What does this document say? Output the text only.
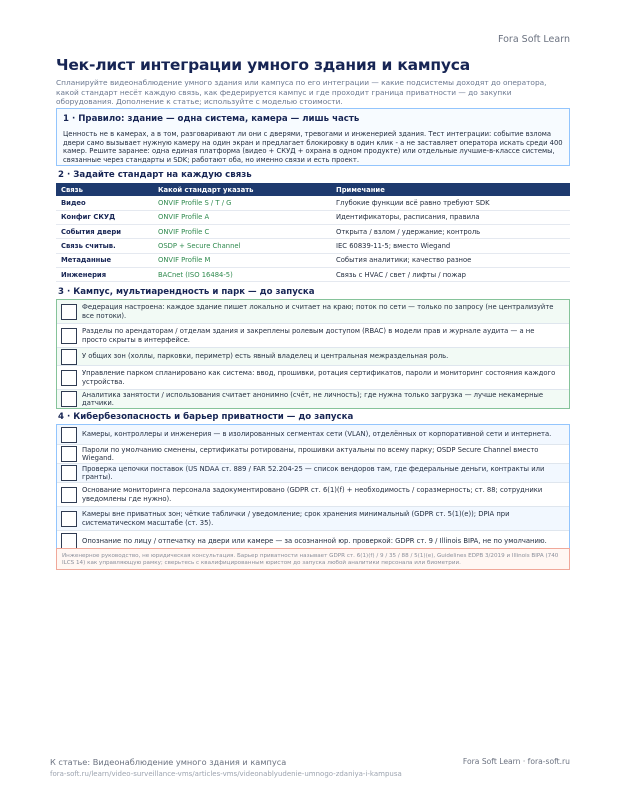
Fora Soft Learn
Чек-лист интеграции умного здания и кампуса
Спланируйте видеонаблюдение умного здания или кампуса по его интеграции — какие подсистемы доходят до оператора, какой стандарт несёт каждую связь, как федерируется кампус и где проходит граница приватности — до закупки оборудования. Дополнение к статье; используйте с моделью стоимости.
1 · Правило: здание — одна система, камера — лишь часть
Ценность не в камерах, а в том, разговаривают ли они с дверями, тревогами и инженерией здания. Тест интеграции: событие взлома двери само вызывает нужную камеру на один экран и предлагает блокировку в один клик - а не заставляет оператора искать среди 400 камер. Решите заранее: одна единая платформа (видео + СКУД + охрана в одном продукте) или отдельные лучшие-в-классе системы, связанные через стандарты и SDK; работают оба, но именно связи и есть проект.
2 · Задайте стандарт на каждую связь
Связь	Какой стандарт указать	Примечание
Видео	ONVIF Profile S / T / G	Глубокие функции всё равно требуют SDK
Конфиг СКУД	ONVIF Profile A	Идентификаторы, расписания, правила
События двери	ONVIF Profile C	Открыта / взлом / удержание; контроль
Связь считыв.	OSDP + Secure Channel	IEC 60839-11-5; вместо Wiegand
Метаданные	ONVIF Profile M	События аналитики; качество разное
Инженерия	BACnet (ISO 16484-5)	Связь с HVAC / свет / лифты / пожар
3 · Кампус, мультиарендность и парк — до запуска
Федерация настроена: каждое здание пишет локально и считает на краю; поток по сети — только по запросу (не централизуйте все потоки).
Разделы по арендаторам / отделам здания и закреплены ролевым доступом (RBAC) в модели прав и журнале аудита — а не просто скрыты в интерфейсе.
У общих зон (холлы, парковки, периметр) есть явный владелец и центральная межраздельная роль.
Управление парком спланировано как система: ввод, прошивки, ротация сертификатов, пароли и мониторинг состояния каждого устройства.
Аналитика занятости / использования считает анонимно (счёт, не личность); где нужна только загрузка — лучше некамерные датчики.
4 · Кибербезопасность и барьер приватности — до запуска
Камеры, контроллеры и инженерия — в изолированных сегментах сети (VLAN), отделённых от корпоративной сети и интернета.
Пароли по умолчанию сменены, сертификаты ротированы, прошивки актуальны по всему парку; OSDP Secure Channel вместо Wiegand.
Проверка цепочки поставок (US NDAA ст. 889 / FAR 52.204-25 — список вендоров там, где федеральные деньги, контракты или гранты).
Основание мониторинга персонала задокументировано (GDPR ст. 6(1)(f) + необходимость / соразмерность; ст. 88; сотрудники уведомлены где нужно).
Камеры вне приватных зон; чёткие таблички / уведомление; срок хранения минимальный (GDPR ст. 5(1)(e)); DPIA при систематическом масштабе (ст. 35).
Опознание по лицу / отпечатку на двери или камере — за осознанной юр. проверкой: GDPR ст. 9 / Illinois BIPA, не по умолчанию.
Инженерное руководство, не юридическая консультация. Барьер приватности называет GDPR ст. 6(1)(f) / 9 / 35 / 88 / 5(1)(e), Guidelines EDPB 3/2019 и Illinois BIPA (740 ILCS 14) как управляющую рамку; сверьтесь с квалифицированным юристом до запуска любой аналитики персонала или биометрии.
К статье: Видеонаблюдение умного здания и кампуса	Fora Soft Learn · fora-soft.ru
fora-soft.ru/learn/video-surveillance-vms/articles-vms/videonablyudenie-umnogo-zdaniya-i-kampusa
